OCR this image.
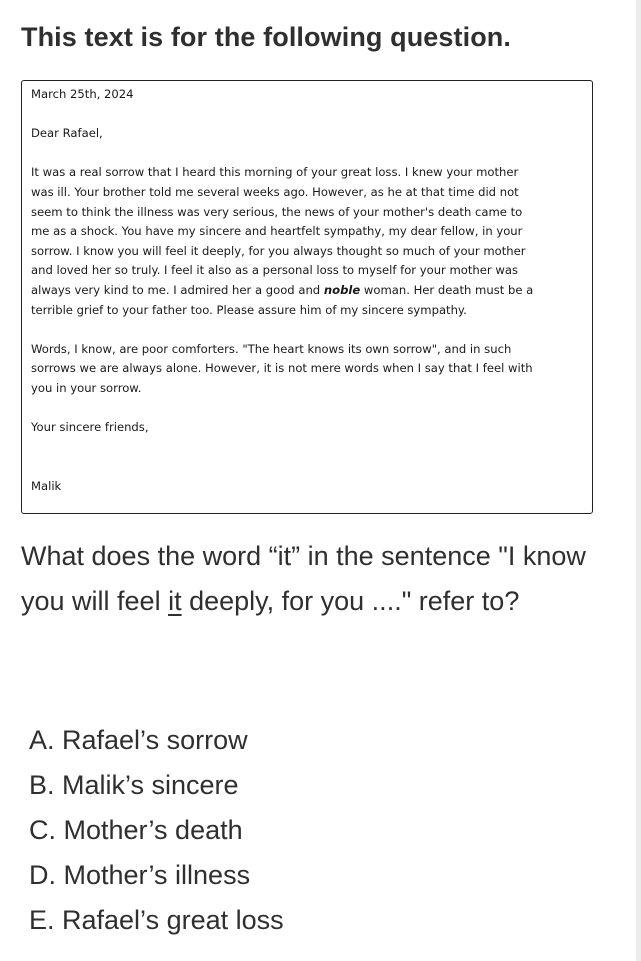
This text is for the following question.

March 25th, 2024

Dear Rafael,

It was a real sorrow that I heard this morning of your great loss. I knew your mother

was ill. Your brother told me several weeks ago. However, as he at that time did not

seem to think the illness was very serious, the news of your mother's death came to

me as a shock. You have my sincere and heartfelt sympathy, my dear fellow, in your

sorrow. I know you will feel it deeply, for you always thought so much of your mother

and loved her so truly. I feel it also as a personal loss to myself for your mother was

always very kind to me. I admired her a good and noble woman. Her death must be a

terrible grief to your father too. Please assure him of my sincere sympathy.

Words, I know, are poor comforters. "The heart knows its own sorrow", and in such

sorrows we are always alone. However, it is not mere words when I say that I feel with

you in your sorrow.

Your sincere friends,

Malik

What does the word “it” in the sentence "I know you will feel it deeply, for you ...." refer to?

A. Rafael’s sorrow
B. Malik’s sincere
C. Mother’s death
D. Mother’s illness
E. Rafael’s great loss
